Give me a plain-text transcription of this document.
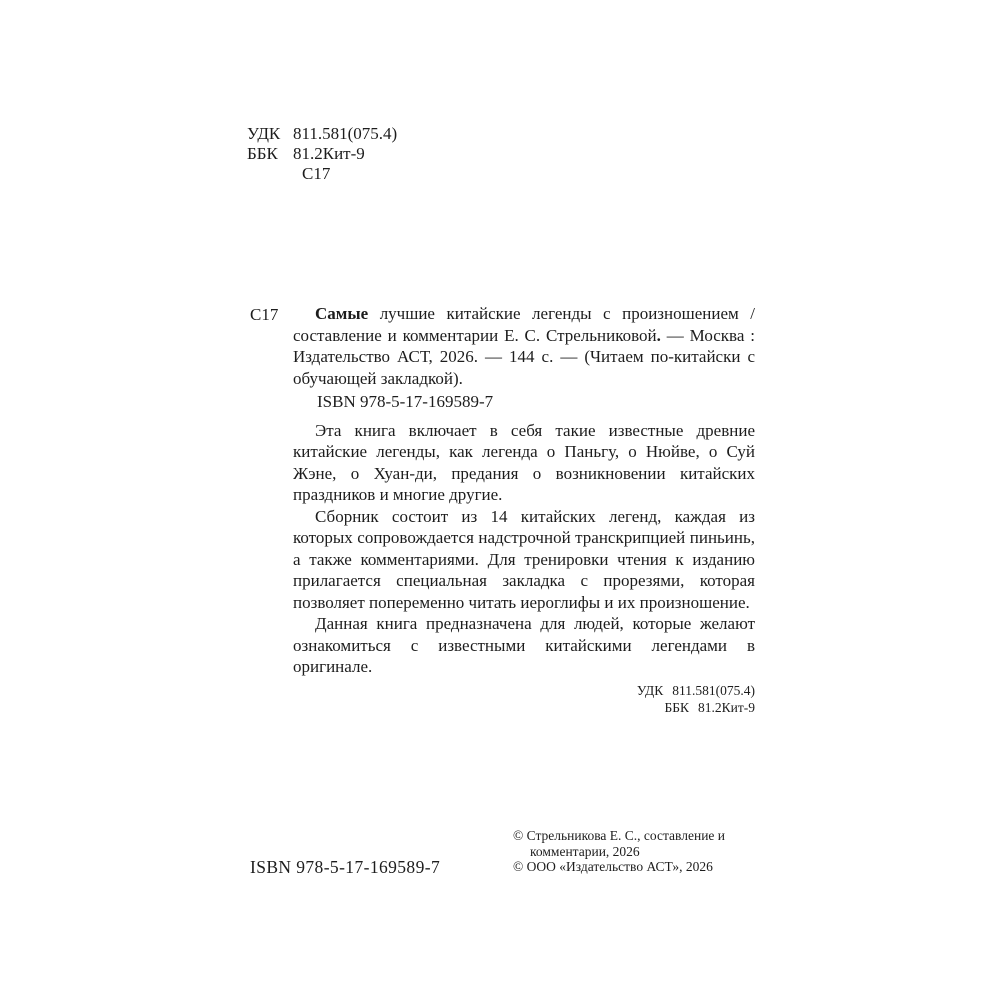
УДК 811.581(075.4)
ББК 81.2Кит-9
С17
С17	Самые лучшие китайские легенды с произношением / составление и комментарии Е. С. Стрельниковой. — Москва : Издательство АСТ, 2026. — 144 с. — (Читаем по-китайски с обучающей закладкой).

ISBN 978-5-17-169589-7

Эта книга включает в себя такие известные древние китайские легенды, как легенда о Паньгу, о Нюйве, о Суй Жэне, о Хуан-ди, предания о возникновении китайских праздников и многие другие.

Сборник состоит из 14 китайских легенд, каждая из которых сопровождается надстрочной транскрипцией пиньинь, а также комментариями. Для тренировки чтения к изданию прилагается специальная закладка с прорезями, которая позволяет попеременно читать иероглифы и их произношение.

Данная книга предназначена для людей, которые желают ознакомиться с известными китайскими легендами в оригинале.

УДК 811.581(075.4)
ББК 81.2Кит-9
ISBN 978-5-17-169589-7

© Стрельникова Е. С., составление и комментарии, 2026

© ООО «Издательство АСТ», 2026
